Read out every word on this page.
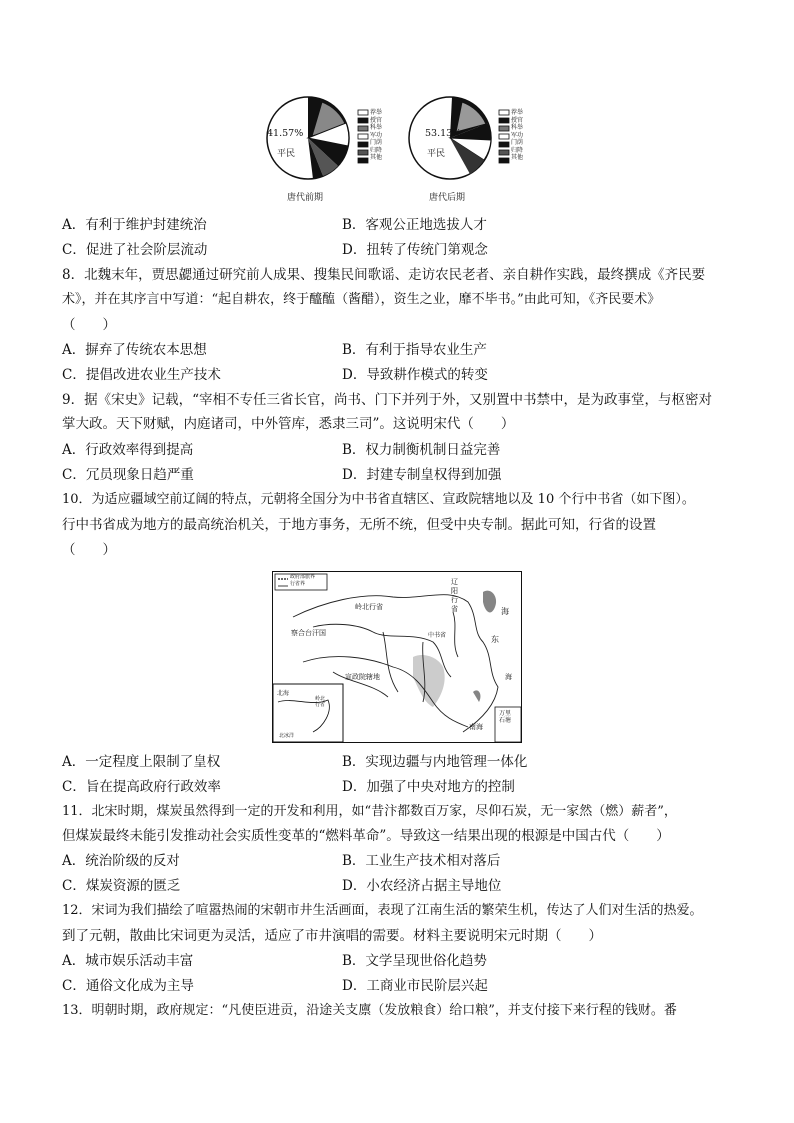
41.57%
平民
唐代前期
53.13%
平民
唐代后期
荐举
授官
科举
军功
门荫
归降
其他
荐举
授官
科举
军功
门荫
归降
其他
A．有利于维护封建统治	B．客观公正地选拔人才
C．促进了社会阶层流动	D．扭转了传统门第观念
8．北魏末年，贾思勰通过研究前人成果、搜集民间歌谣、走访农民老者、亲自耕作实践，最终撰成《齐民要
术》，并在其序言中写道：“起自耕农，终于醯醢（酱醋），资生之业，靡不毕书。”由此可知，《齐民要术》
（　　）
A．摒弃了传统农本思想	B．有利于指导农业生产
C．提倡改进农业生产技术	D．导致耕作模式的转变
9．据《宋史》记载，“宰相不专任三省长官，尚书、门下并列于外，又别置中书禁中，是为政事堂，与枢密对
掌大政。天下财赋，内庭诸司，中外管库，悉隶三司”。这说明宋代（　　）
A．行政效率得到提高	B．权力制衡机制日益完善
C．冗员现象日趋严重	D．封建专制皇权得到加强
10．为适应疆域空前辽阔的特点，元朝将全国分为中书省直辖区、宣政院辖地以及 10 个行中书省（如下图）。
行中书省成为地方的最高统治机关，于地方事务，无所不统，但受中央专制。据此可知，行省的设置
（　　）
政府部旅界
行省界
岭北行省
辽阳行省
察合台汗国
宣政院辖地
中书省	东
海
南海
海
北海
岭北行省
北冰洋
万里石塘
A．一定程度上限制了皇权	B．实现边疆与内地管理一体化
C．旨在提高政府行政效率	D．加强了中央对地方的控制
11．北宋时期，煤炭虽然得到一定的开发和利用，如“昔汴都数百万家，尽仰石炭，无一家然（燃）薪者”，
但煤炭最终未能引发推动社会实质性变革的“燃料革命”。导致这一结果出现的根源是中国古代（　　）
A．统治阶级的反对	B．工业生产技术相对落后
C．煤炭资源的匮乏	D．小农经济占据主导地位
12．宋词为我们描绘了喧嚣热闹的宋朝市井生活画面，表现了江南生活的繁荣生机，传达了人们对生活的热爱。
到了元朝，散曲比宋词更为灵活，适应了市井演唱的需要。材料主要说明宋元时期（　　）
A．城市娱乐活动丰富	B．文学呈现世俗化趋势
C．通俗文化成为主导	D．工商业市民阶层兴起
13．明朝时期，政府规定：“凡使臣进贡，沿途关支廪（发放粮食）给口粮”，并支付接下来行程的钱财。番
